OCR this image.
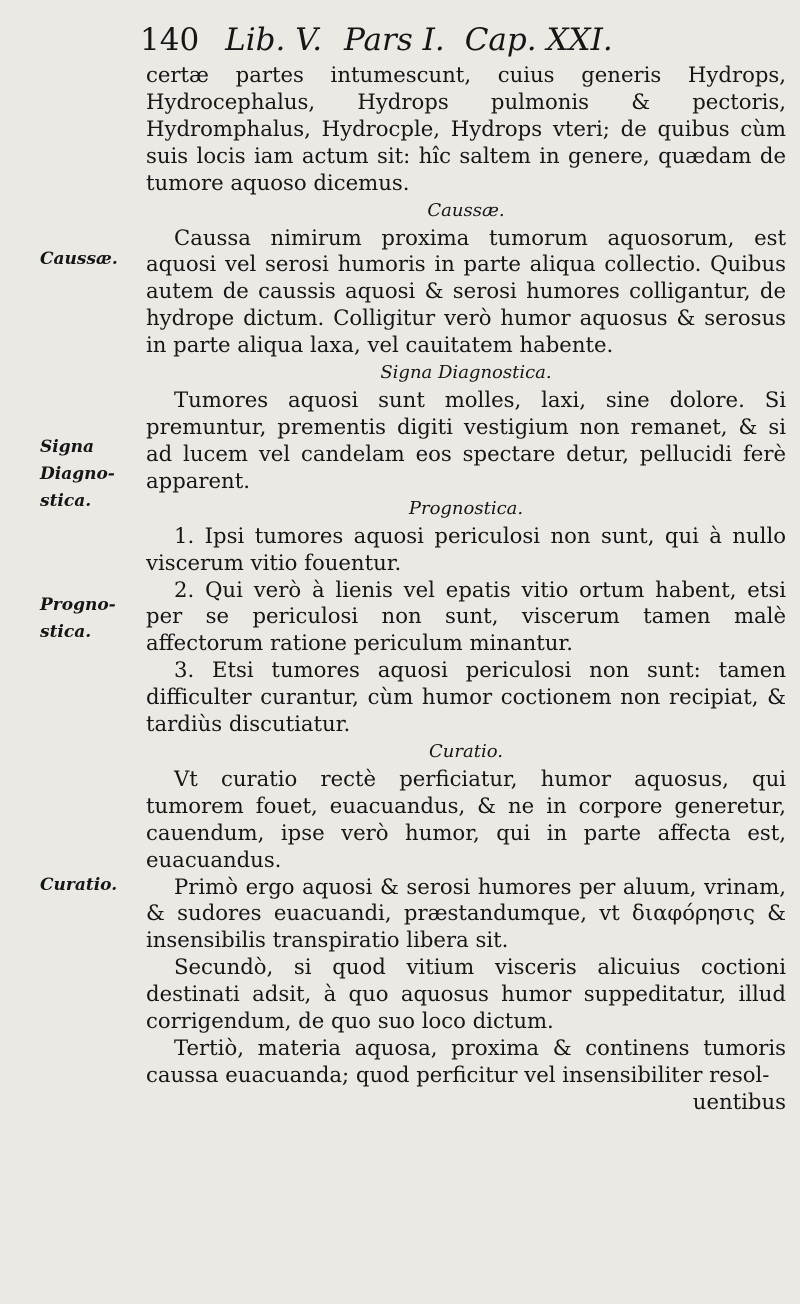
140 Lib. V. Pars I. Cap. XXI.

certæ partes intumescunt, cuius generis Hydrops, Hydrocephalus, Hydrops pulmonis & pectoris, Hydromphalus, Hydrocple, Hydrops vteri; de quibus cùm suis locis iam actum sit: hîc saltem in genere, quædam de tumore aquoso dicemus.

Caussæ.

Caussa nimirum proxima tumorum aquosorum, est aquosi vel serosi humoris in parte aliqua collectio. Quibus autem de caussis aquosi & serosi humores colligantur, de hydrope dictum. Colligitur verò humor aquosus & serosus in parte aliqua laxa, vel cauitatem habente.

Signa Diagnostica.

Tumores aquosi sunt molles, laxi, sine dolore. Si premuntur, prementis digiti vestigium non remanet, & si ad lucem vel candelam eos spectare detur, pellucidi ferè apparent.

Prognostica.

1. Ipsi tumores aquosi periculosi non sunt, qui à nullo viscerum vitio fouentur.

2. Qui verò à lienis vel epatis vitio ortum habent, etsi per se periculosi non sunt, viscerum tamen malè affectorum ratione periculum minantur.

3. Etsi tumores aquosi periculosi non sunt: tamen difficulter curantur, cùm humor coctionem non recipiat, & tardiùs discutiatur.

Curatio.

Vt curatio rectè perficiatur, humor aquosus, qui tumorem fouet, euacuandus, & ne in corpore generetur, cauendum, ipse verò humor, qui in parte affecta est, euacuandus.

Primò ergo aquosi & serosi humores per aluum, vrinam, & sudores euacuandi, præstandumque, vt διαφόρησις & insensibilis transpiratio libera sit.

Secundò, si quod vitium visceris alicuius coctioni destinati adsit, à quo aquosus humor suppeditatur, illud corrigendum, de quo suo loco dictum.

Tertiò, materia aquosa, proxima & continens tumoris caussa euacuanda; quod perficitur vel insensibiliter resol-

uentibus

Caussæ.
Signa
Diagno-
stica.
Progno-
stica.
Curatio.
